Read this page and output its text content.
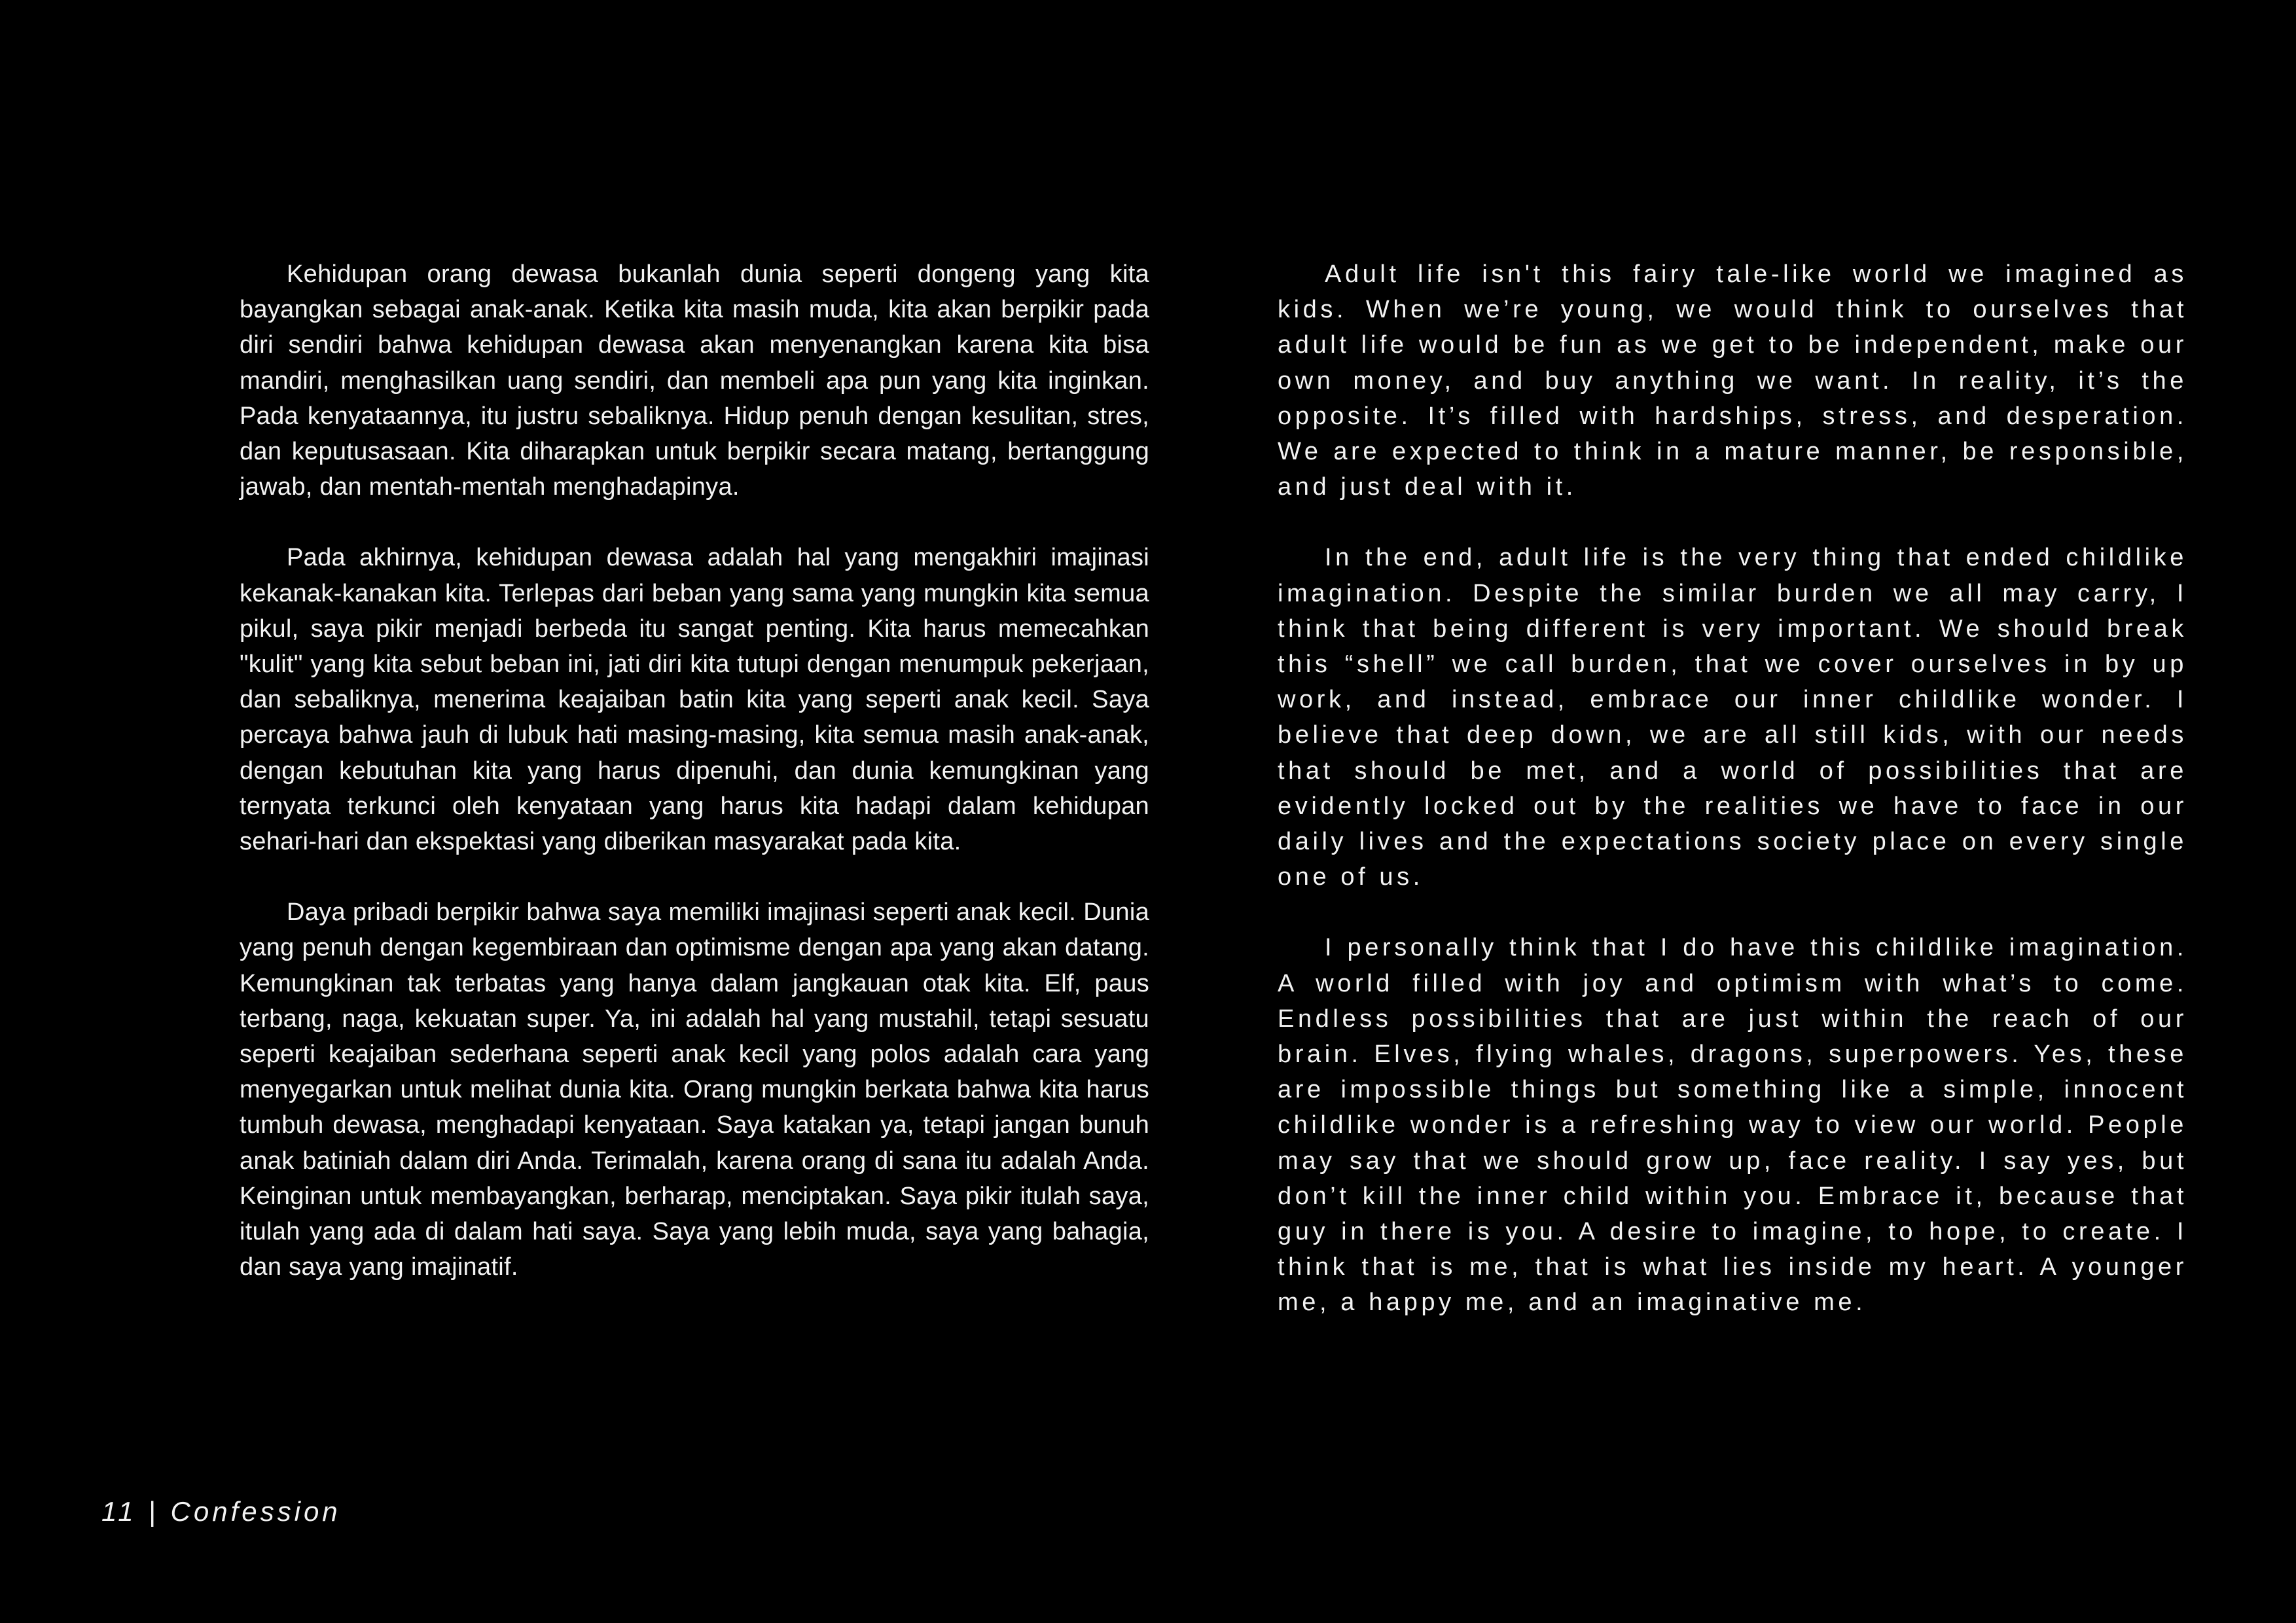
Kehidupan orang dewasa bukanlah dunia seperti dongeng yang kita bayangkan sebagai anak-anak. Ketika kita masih muda, kita akan berpikir pada diri sendiri bahwa kehidupan dewasa akan menyenangkan karena kita bisa mandiri, menghasilkan uang sendiri, dan membeli apa pun yang kita inginkan. Pada kenyataannya, itu justru sebaliknya. Hidup penuh dengan kesulitan, stres, dan keputusasaan. Kita diharapkan untuk berpikir secara matang, bertanggung jawab, dan mentah-mentah menghadapinya.

Pada akhirnya, kehidupan dewasa adalah hal yang mengakhiri imajinasi kekanak-kanakan kita. Terlepas dari beban yang sama yang mungkin kita semua pikul, saya pikir menjadi berbeda itu sangat penting. Kita harus memecahkan "kulit" yang kita sebut beban ini, jati diri kita tutupi dengan menumpuk pekerjaan, dan sebaliknya, menerima keajaiban batin kita yang seperti anak kecil. Saya percaya bahwa jauh di lubuk hati masing-masing, kita semua masih anak-anak, dengan kebutuhan kita yang harus dipenuhi, dan dunia kemungkinan yang ternyata terkunci oleh kenyataan yang harus kita hadapi dalam kehidupan sehari-hari dan ekspektasi yang diberikan masyarakat pada kita.

Daya pribadi berpikir bahwa saya memiliki imajinasi seperti anak kecil. Dunia yang penuh dengan kegembiraan dan optimisme dengan apa yang akan datang. Kemungkinan tak terbatas yang hanya dalam jangkauan otak kita. Elf, paus terbang, naga, kekuatan super. Ya, ini adalah hal yang mustahil, tetapi sesuatu seperti keajaiban sederhana seperti anak kecil yang polos adalah cara yang menyegarkan untuk melihat dunia kita. Orang mungkin berkata bahwa kita harus tumbuh dewasa, menghadapi kenyataan. Saya katakan ya, tetapi jangan bunuh anak batiniah dalam diri Anda. Terimalah, karena orang di sana itu adalah Anda. Keinginan untuk membayangkan, berharap, menciptakan. Saya pikir itulah saya, itulah yang ada di dalam hati saya. Saya yang lebih muda, saya yang bahagia, dan saya yang imajinatif.

Adult life isn't this fairy tale-like world we imagined as kids. When we’re young, we would think to ourselves that adult life would be fun as we get to be independent, make our own money, and buy anything we want. In reality, it’s the opposite. It’s filled with hardships, stress, and desperation. We are expected to think in a mature manner, be responsible, and just deal with it.

In the end, adult life is the very thing that ended childlike imagination. Despite the similar burden we all may carry, I think that being different is very important. We should break this “shell” we call burden, that we cover ourselves in by up work, and instead, embrace our inner childlike wonder. I believe that deep down, we are all still kids, with our needs that should be met, and a world of possibilities that are evidently locked out by the realities we have to face in our daily lives and the expectations society place on every single one of us.

I personally think that I do have this childlike imagination. A world filled with joy and optimism with what’s to come. Endless possibilities that are just within the reach of our brain. Elves, flying whales, dragons, superpowers. Yes, these are impossible things but something like a simple, innocent childlike wonder is a refreshing way to view our world. People may say that we should grow up, face reality. I say yes, but don’t kill the inner child within you. Embrace it, because that guy in there is you. A desire to imagine, to hope, to create. I think that is me, that is what lies inside my heart. A younger me, a happy me, and an imaginative me.

11 | Confession
